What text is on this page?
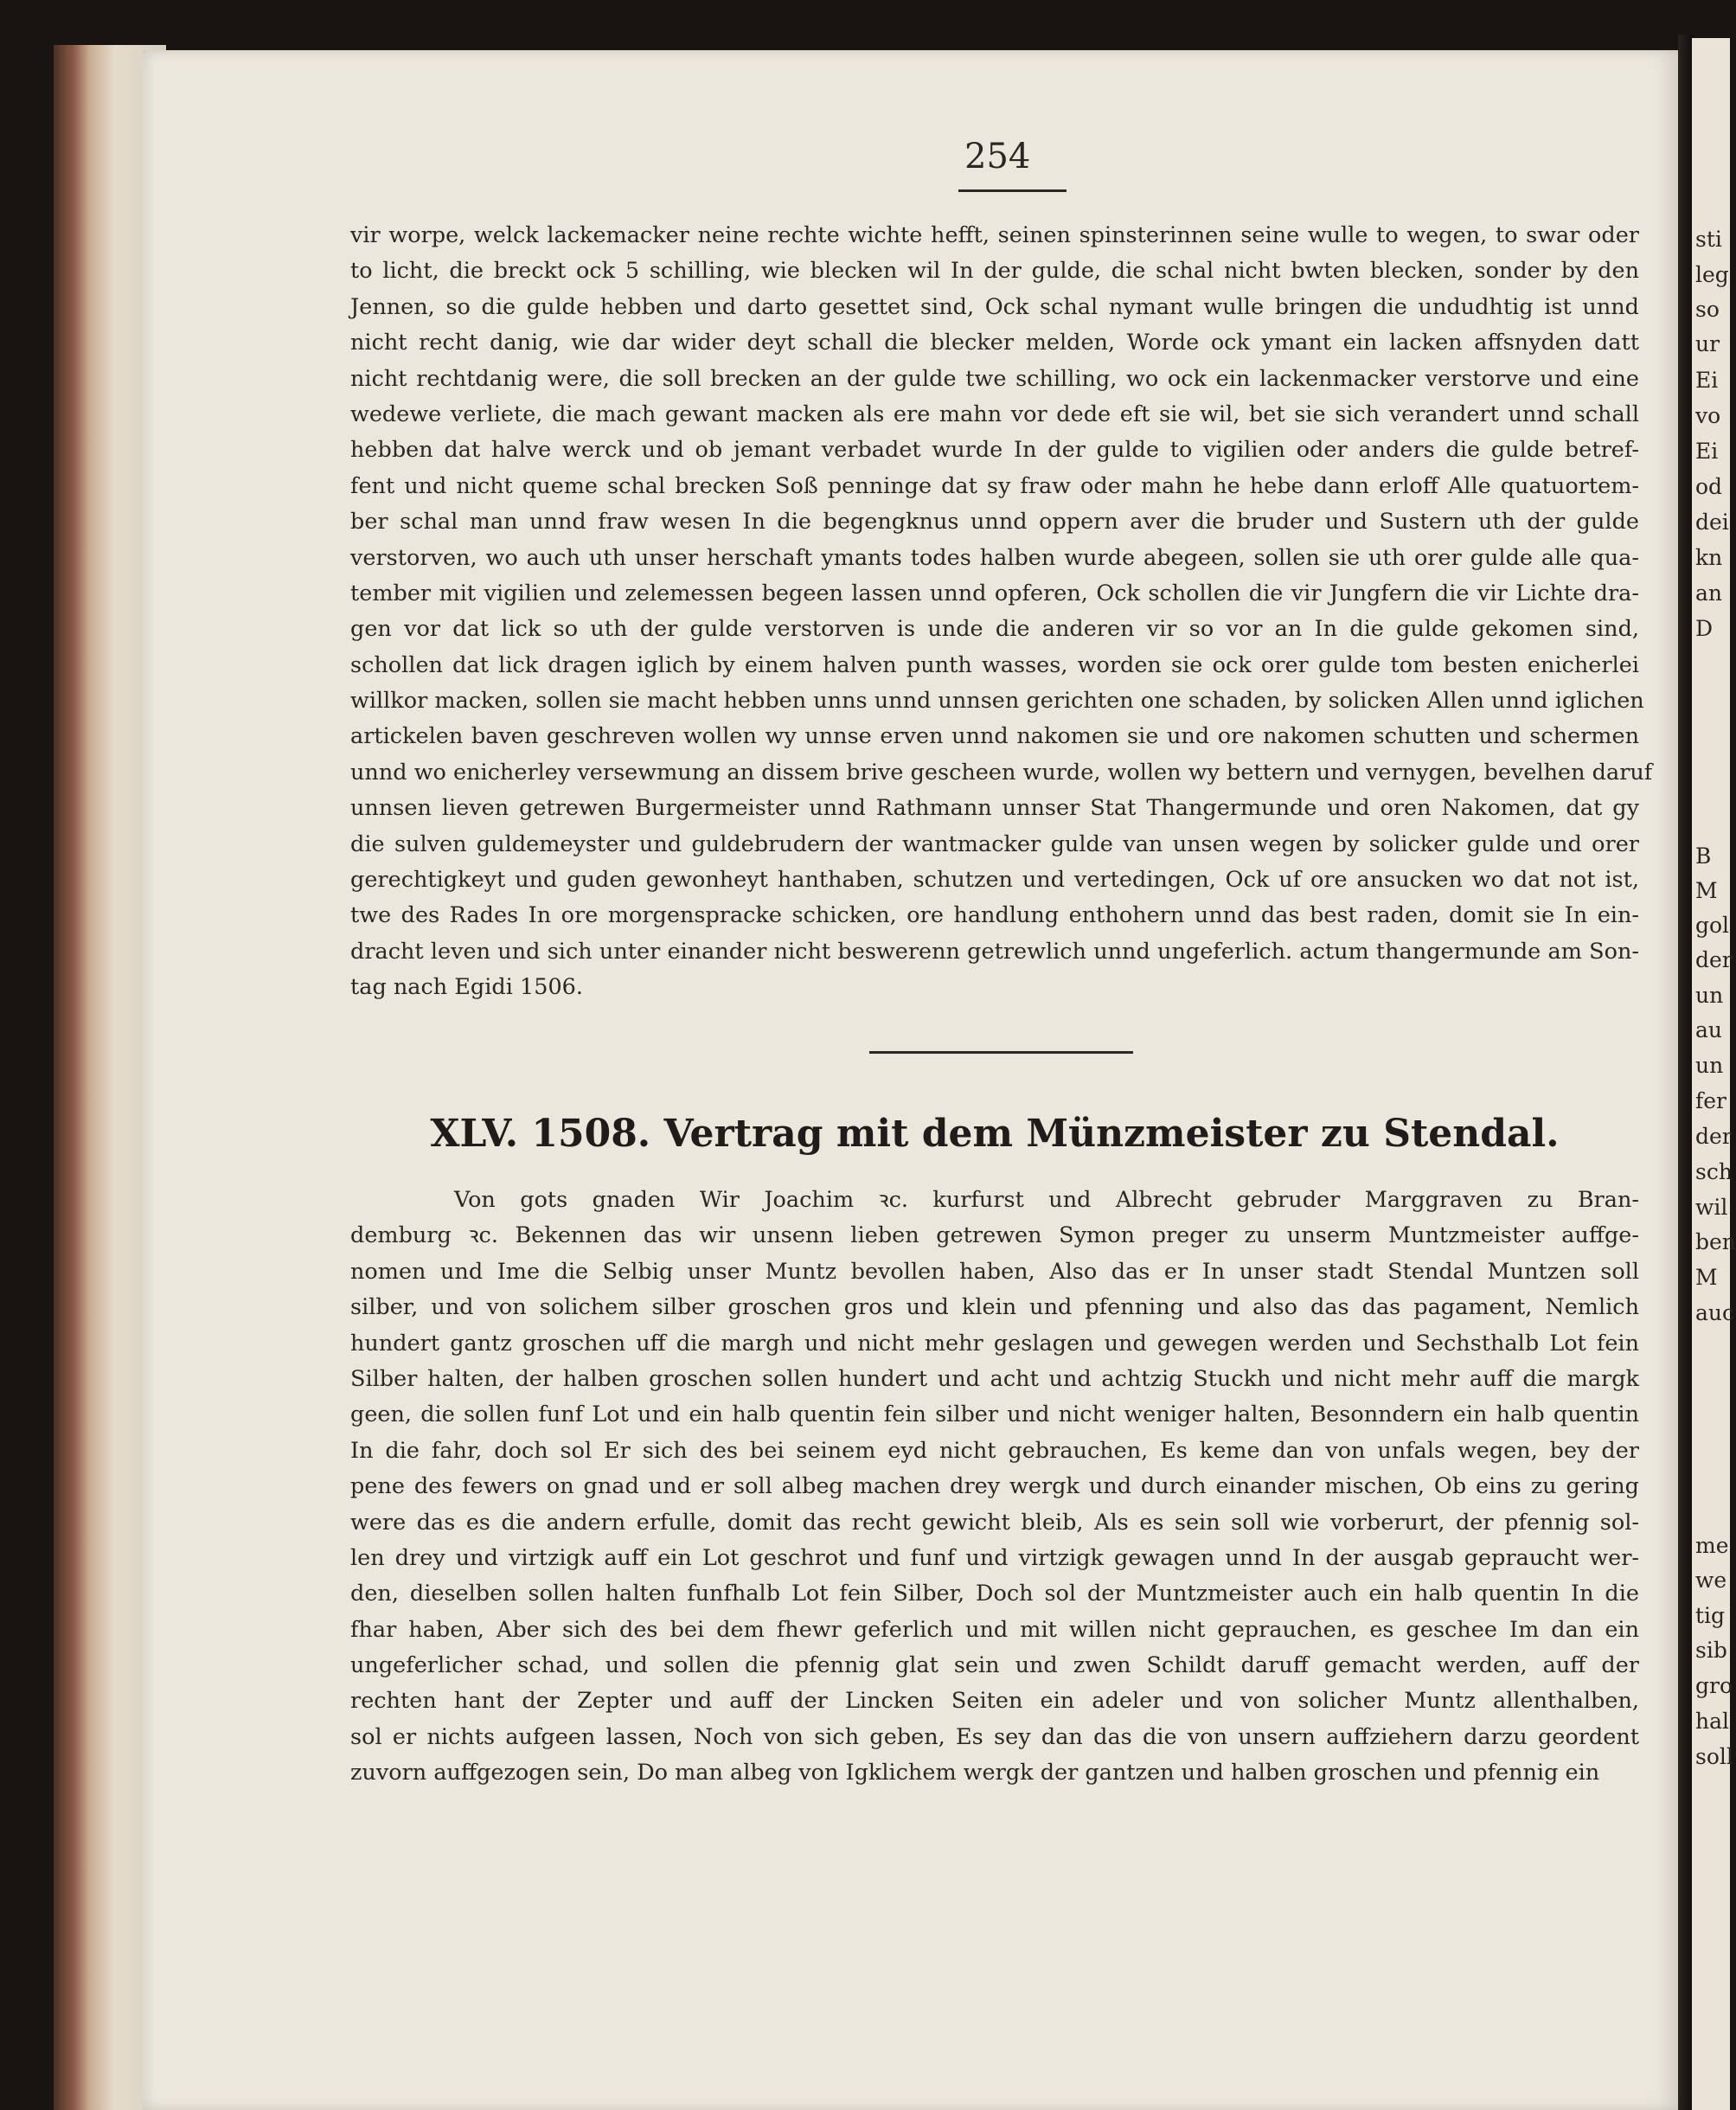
sti

leg

so

ur

Ei

vo

Ei

od

dei

kn

an

D

B

M

gol

der

un

au

un

fer

der

sch

wil

ben

M

auc

me

we

tig

sib

gro

hal

soll

254
vir worpe, welck lackemacker neine rechte wichte hefft, seinen spinsterinnen seine wulle to wegen, to swar oder
to licht, die breckt ock 5 schilling, wie blecken wil In der gulde, die schal nicht bwten blecken, sonder by den
Jennen, so die gulde hebben und darto gesettet sind, Ock schal nymant wulle bringen die undudhtig ist unnd
nicht recht danig, wie dar wider deyt schall die blecker melden, Worde ock ymant ein lacken affsnyden datt
nicht rechtdanig were, die soll brecken an der gulde twe schilling, wo ock ein lackenmacker verstorve und eine
wedewe verliete, die mach gewant macken als ere mahn vor dede eft sie wil, bet sie sich verandert unnd schall
hebben dat halve werck und ob jemant verbadet wurde In der gulde to vigilien oder anders die gulde betref-
fent und nicht queme schal brecken Soß penninge dat sy fraw oder mahn he hebe dann erloff Alle quatuortem-
ber schal man unnd fraw wesen In die begengknus unnd oppern aver die bruder und Sustern uth der gulde
verstorven, wo auch uth unser herschaft ymants todes halben wurde abegeen, sollen sie uth orer gulde alle qua-
tember mit vigilien und zelemessen begeen lassen unnd opferen, Ock schollen die vir Jungfern die vir Lichte dra-
gen vor dat lick so uth der gulde verstorven is unde die anderen vir so vor an In die gulde gekomen sind,
schollen dat lick dragen iglich by einem halven punth wasses, worden sie ock orer gulde tom besten enicherlei
willkor macken, sollen sie macht hebben unns unnd unnsen gerichten one schaden, by solicken Allen unnd iglichen
artickelen baven geschreven wollen wy unnse erven unnd nakomen sie und ore nakomen schutten und schermen
unnd wo enicherley versewmung an dissem brive gescheen wurde, wollen wy bettern und vernygen, bevelhen daruf
unnsen lieven getrewen Burgermeister unnd Rathmann unnser Stat Thangermunde und oren Nakomen, dat gy
die sulven guldemeyster und guldebrudern der wantmacker gulde van unsen wegen by solicker gulde und orer
gerechtigkeyt und guden gewonheyt hanthaben, schutzen und vertedingen, Ock uf ore ansucken wo dat not ist,
twe des Rades In ore morgenspracke schicken, ore handlung enthohern unnd das best raden, domit sie In ein-
dracht leven und sich unter einander nicht beswerenn getrewlich unnd ungeferlich. actum thangermunde am Son-
tag nach Egidi 1506.
XLV. 1508. Vertrag mit dem Münzmeister zu Stendal.
Von gots gnaden Wir Joachim ꝛc. kurfurst und Albrecht gebruder Marggraven zu Bran-
demburg ꝛc. Bekennen das wir unsenn lieben getrewen Symon preger zu unserm Muntzmeister auffge-
nomen und Ime die Selbig unser Muntz bevollen haben, Also das er In unser stadt Stendal Muntzen soll
silber, und von solichem silber groschen gros und klein und pfenning und also das das pagament, Nemlich
hundert gantz groschen uff die margh und nicht mehr geslagen und gewegen werden und Sechsthalb Lot fein
Silber halten, der halben groschen sollen hundert und acht und achtzig Stuckh und nicht mehr auff die margk
geen, die sollen funf Lot und ein halb quentin fein silber und nicht weniger halten, Besonndern ein halb quentin
In die fahr, doch sol Er sich des bei seinem eyd nicht gebrauchen, Es keme dan von unfals wegen, bey der
pene des fewers on gnad und er soll albeg machen drey wergk und durch einander mischen, Ob eins zu gering
were das es die andern erfulle, domit das recht gewicht bleib, Als es sein soll wie vorberurt, der pfennig sol-
len drey und virtzigk auff ein Lot geschrot und funf und virtzigk gewagen unnd In der ausgab gepraucht wer-
den, dieselben sollen halten funfhalb Lot fein Silber, Doch sol der Muntzmeister auch ein halb quentin In die
fhar haben, Aber sich des bei dem fhewr geferlich und mit willen nicht geprauchen, es geschee Im dan ein
ungeferlicher schad, und sollen die pfennig glat sein und zwen Schildt daruff gemacht werden, auff der
rechten hant der Zepter und auff der Lincken Seiten ein adeler und von solicher Muntz allenthalben,
sol er nichts aufgeen lassen, Noch von sich geben, Es sey dan das die von unsern auffziehern darzu geordent
zuvorn auffgezogen sein, Do man albeg von Igklichem wergk der gantzen und halben groschen und pfennig ein
